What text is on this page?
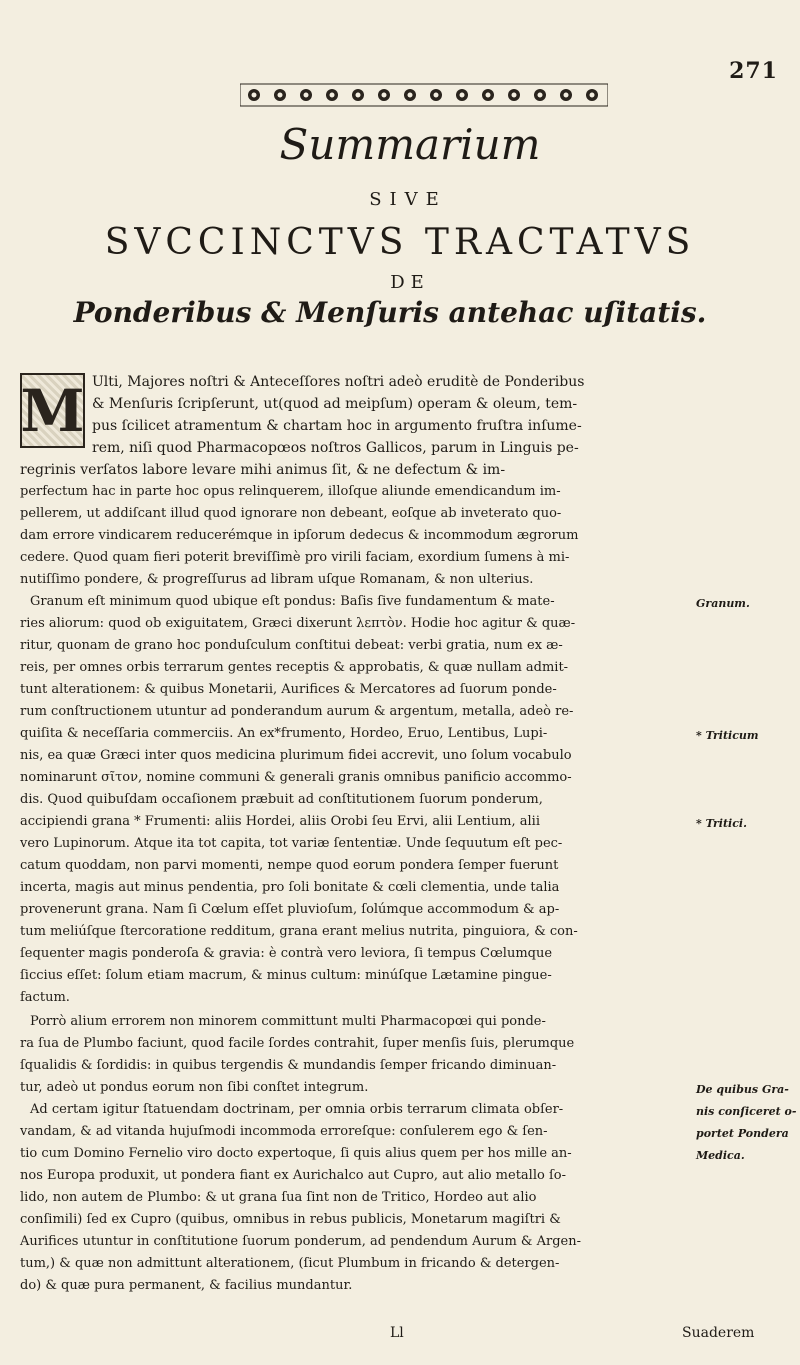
271
Summarium
SIVE
SVCCINCTVS TRACTATVS
DE
Ponderibus & Menſuris antehac uſitatis.
M Ulti, Majores noſtri & Anteceſſores noſtri adeò eruditè de Ponderibus
& Menſuris ſcripſerunt, ut(quod ad meipſum) operam & oleum, tem-
pus ſcilicet atramentum & chartam hoc in argumento fruſtra inſume-
rem, niſi quod Pharmacopœos noſtros Gallicos, parum in Linguis pe-
regrinis verſatos labore levare mihi animus ſit, & ne defectum & im-
perfectum hac in parte hoc opus relinquerem, illoſque aliunde emendicandum im-
pellerem, ut addiſcant illud quod ignorare non debeant, eoſque ab inveterato quo-
dam errore vindicarem reducerémque in ipſorum dedecus & incommodum ægrorum
cedere. Quod quam fieri poterit breviſſimè pro virili faciam, exordium ſumens à mi-
nutiſſimo pondere, & progreſſurus ad libram uſque Romanam, & non ulterius.
Granum eſt minimum quod ubique eſt pondus: Baſis ſive fundamentum & mate-
ries aliorum: quod ob exiguitatem, Græci dixerunt λεπτὸν. Hodie hoc agitur & quæ-
ritur, quonam de grano hoc ponduſculum conſtitui debeat: verbi gratia, num ex æ-
reis, per omnes orbis terrarum gentes receptis & approbatis, & quæ nullam admit-
tunt alterationem: & quibus Monetarii, Aurifices & Mercatores ad ſuorum ponde-
rum conſtructionem utuntur ad ponderandum aurum & argentum, metalla, adeò re-
quiſita & neceſſaria commerciis. An ex*frumento, Hordeo, Eruo, Lentibus, Lupi-
nis, ea quæ Græci inter quos medicina plurimum fidei accrevit, uno ſolum vocabulo
nominarunt σῖτον, nomine communi & generali granis omnibus panificio accommo-
dis. Quod quibuſdam occaſionem præbuit ad conſtitutionem ſuorum ponderum,
accipiendi grana * Frumenti: aliis Hordei, aliis Orobi ſeu Ervi, alii Lentium, alii
vero Lupinorum. Atque ita tot capita, tot variæ ſententiæ. Unde ſequutum eſt pec-
catum quoddam, non parvi momenti, nempe quod eorum pondera ſemper fuerunt
incerta, magis aut minus pendentia, pro ſoli bonitate & cœli clementia, unde talia
provenerunt grana. Nam ſi Cœlum eſſet pluvioſum, ſolúmque accommodum & ap-
tum meliúſque ſtercoratione redditum, grana erant melius nutrita, pinguiora, & con-
ſequenter magis ponderoſa & gravia: è contrà vero leviora, ſi tempus Cœlumque
ſiccius eſſet: ſolum etiam macrum, & minus cultum: minúſque Lætamine pingue-
factum.
Porrò alium errorem non minorem committunt multi Pharmacopœi qui ponde-
ra ſua de Plumbo faciunt, quod facile ſordes contrahit, ſuper menſis ſuis, plerumque
ſqualidis & ſordidis: in quibus tergendis & mundandis ſemper fricando diminuan-
tur, adeò ut pondus eorum non ſibi conſtet integrum.
Ad certam igitur ſtatuendam doctrinam, per omnia orbis terrarum climata obſer-
vandam, & ad vitanda hujuſmodi incommoda erroreſque: conſulerem ego & ſen-
tio cum Domino Fernelio viro docto expertoque, ſi quis alius quem per hos mille an-
nos Europa produxit, ut pondera fiant ex Aurichalco aut Cupro, aut alio metallo ſo-
lido, non autem de Plumbo: & ut grana ſua ſint non de Tritico, Hordeo aut alio
conſimili) ſed ex Cupro (quibus, omnibus in rebus publicis, Monetarum magiſtri &
Aurifices utuntur in conſtitutione ſuorum ponderum, ad pendendum Aurum & Argen-
tum,) & quæ non admittunt alterationem, (ſicut Plumbum in fricando & detergen-
do) & quæ pura permanent, & facilius mundantur.
Granum.
* Triticum
* Tritici.
De quibus Gra-
nis conſiceret o-
portet Pondera
Medica.
Ll	Suaderem
